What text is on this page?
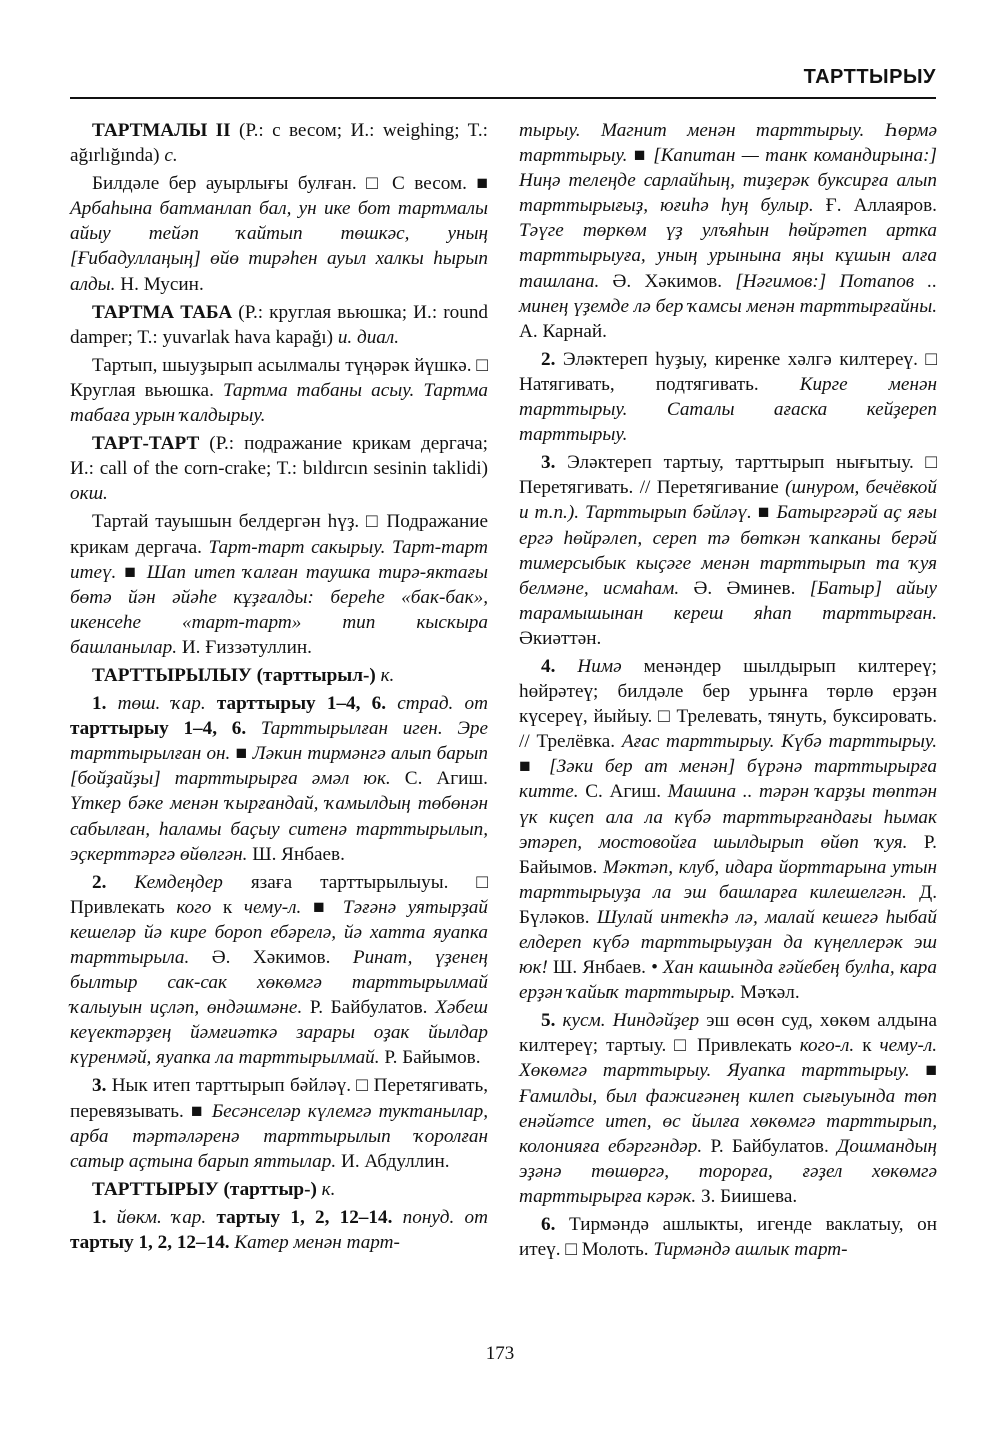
ТАРТТЫРЫУ

ТАРТМАЛЫ II (Р.: с весом; И.: weighing; T.: ağırlığında) с.

Билдәле бер ауырлығы булған. □ С весом. ■ Арбаһына батманлап бал, ун ике бот тартмалы айыу тейәп ҡайтып төшкәс, уның [Ғибадуллаӊың] өйө тирәһен ауыл халкы һырып алды. Н. Мусин.

ТАРТМА ТАБА (Р.: круглая вьюшка; И.: round damper; T.: yuvarlak hava kapağı) и. диал.

Тартып, шыуҙырып асылмалы түңәрәк йүшкә. □ Круглая вьюшка. Тартма табаны асыу. Тартма табаға урын ҡалдырыу.

ТАРТ-ТАРТ (Р.: подражание крикам дергача; И.: call of the corn-crake; T.: bıldırcın sesinin taklidi) окш.

Тартай тауышын белдергән һүҙ. □ Подражание крикам дергача. Тарт-тарт сакырыу. Тарт-тарт итеү. ■ Шап итеп ҡалған таушка тирә-яктағы бөтә йән әйәһе кұҙғалды: береһе «бак-бак», икенсеһе «тарт-тарт» тип кыскыра башланылар. И. Ғиззәтуллин.

ТАРТТЫРЫЛЫУ (тарттырыл-) к.

1. төш. ҡар. тарттырыу 1–4, 6. страд. от тарттырыу 1–4, 6. Тарттырылған иген. Эре тарттырылған он. ■ Ләкин тирмәнгә алып барып [бойҙайҙы] тарттырырға әмәл юк. С. Агиш. Үткер бәке менән ҡырғандай, ҡамылдың төбөнән сабылған, һаламы баҫыу ситенә тарттырылып, эҫкерттәргә өйөлгән. Ш. Янбаев.

2. Кемдеңдер язаға тарттырылыуы. □ Привлекать кого к чему-л. ■ Тәғәнә уятырҙай кешеләр йә кире бороп ебәрелә, йә хатта яуапка тарттырыла. Ә. Хәкимов. Ринат, үҙенең былтыр сак-сак хөкөмгә тарттырылмай ҡалыуын иҫләп, өндәшмәне. Р. Байбулатов. Хәбеш кеүектәрҙең йәмғиәткә зарары оҙак йылдар күренмәй, яуапка ла тарттырылмай. Р. Байымов.

3. Нык итеп тарттырып бәйләү. □ Перетягивать, перевязывать. ■ Бесәнселәр күлемгә туктанылар, арба тәртәләренә тарттырылып ҡоролған сатыр аҫтына барып яттылар. И. Абдуллин.

ТАРТТЫРЫУ (тарттыр-) к.

1. йөкм. ҡар. тартыу 1, 2, 12–14. понуд. от тартыу 1, 2, 12–14. Катер менән тарт-

тырыу. Магнит менән тарттырыу. Һөрмә тарттырыу. ■ [Капитан — танк командирына:] Ниңә телеңде сарлайһың, тиҙерәк буксирға алып тарттырығыҙ, юғиһә һуң булыр. Ғ. Аллаяров. Тәүге төркөм үҙ улъяһын һөйрәтеп артка тарттырыуға, уның урынына яңы кұшын алға ташлана. Ә. Хәкимов. [Нәгимов:] Потапов .. минең үҙемде лә бер ҡамсы менән тарттырғайны. А. Карнай.

2. Эләктереп һуҙыу, киренке хәлгә килтереү. □ Натягивать, подтягивать. Кирге менән тарттырыу. Саталы ағаска кейҙереп тарттырыу.

3. Эләктереп тартыу, тарттырып нығытыу. □ Перетягивать. // Перетягивание (шнуром, бечёвкой и т.п.). Тарттырып бәйләү. ■ Батыргәрәй аҫ яғы ергә һөйрәлеп, сереп тә бөткән ҡапканы берәй тимерсыбык кыҫәге менән тарттырып та ҡуя белмәне, исмаһам. Ә. Әминев. [Батыр] айыу тарамышынан кереш яһап тарттырған. Әкиәттән.

4. Нимә менәндер шылдырып килтереү; һөйрәтеү; билдәле бер урынға төрлө ерҙән күсереү, йыйыу. □ Трелевать, тянуть, буксировать. // Трелёвка. Ағас тарттырыу. Күбә тарттырыу. ■ [Зәки бер ат менән] бүрәнә тарттырырға китте. С. Агиш. Машина .. тәрән ҡарҙы төптән үк киҫеп ала ла күбә тарттырғандағы һымак этәреп, мостовойға шылдырып өйөп ҡуя. Р. Байымов. Мәктәп, клуб, идара йорттарына утын тарттырыуҙа ла эш башларға килешелгән. Д. Бүләков. Шулай интекһә лә, малай кешегә һыбай елдереп күбә тарттырыуҙан да күңеллерәк эш юк! Ш. Янбаев. • Хан кашында ғәйебең булһа, кара ерҙән ҡайыҡ тарттырыр. Мәҡәл.

5. кусм. Ниндәйҙер эш өсөн суд, хөкөм алдына килтереү; тартыу. □ Привлекать кого-л. к чему-л. Хөкөмгә тарттырыу. Яуапка тарттырыу. ■ Ғамилды, был фажиғәнең килеп сығыуында төп енәйәтсе итеп, өс йылға хөкөмгә тарттырып, колонияға ебәргәндәр. Р. Байбулатов. Дошмандың эҙәнә төшөргә, торорға, ғәҙел хөкөмгә тарттырырға кәрәк. З. Биишева.

6. Тирмәндә ашлыкты, игенде ваклатыу, он итеү. □ Молоть. Тирмәндә ашлык тарт-

173
